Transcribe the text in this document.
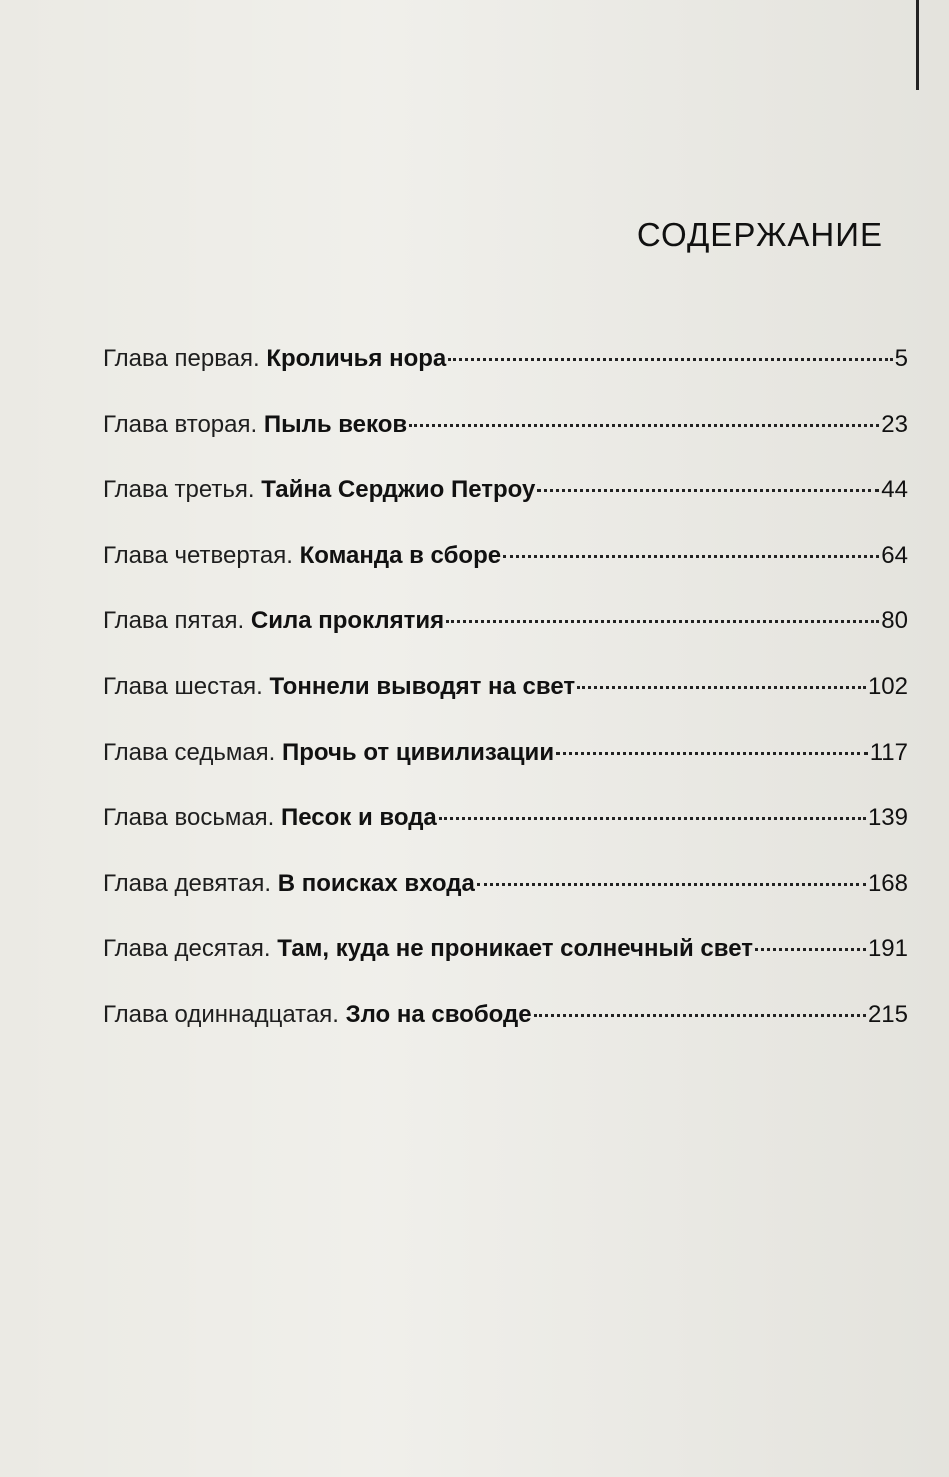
СОДЕРЖАНИЕ
Глава первая. Кроличья нора	5
Глава вторая. Пыль веков	23
Глава третья. Тайна Серджио Петроу	44
Глава четвертая. Команда в сборе	64
Глава пятая. Сила проклятия	80
Глава шестая. Тоннели выводят на свет	102
Глава седьмая. Прочь от цивилизации	117
Глава восьмая. Песок и вода	139
Глава девятая. В поисках входа	168
Глава десятая. Там, куда не проникает солнечный свет	191
Глава одиннадцатая. Зло на свободе	215
